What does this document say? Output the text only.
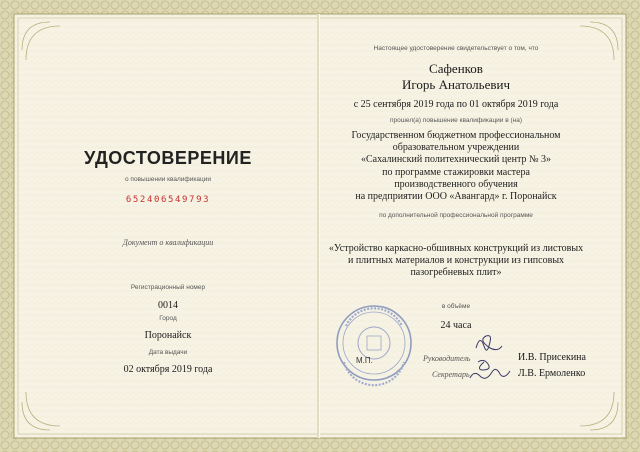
УДОСТОВЕРЕНИЕ
о повышении квалификации
652406549793
Документ о квалификации
Регистрационный номер
0014
Город
Поронайск
Дата выдачи
02 октября 2019 года
Настоящее удостоверение свидетельствует о том, что
Сафенков
Игорь Анатольевич
с 25 сентября 2019 года по 01 октября 2019 года
прошел(а) повышение квалификации в (на)
Государственном бюджетном профессиональном
образовательном учреждении
«Сахалинский политехнический центр № 3»
по программе стажировки мастера
производственного обучения
на предприятии ООО «Авангард» г. Поронайск
по дополнительной профессиональной программе
«Устройство каркасно-обшивных конструкций из листовых
и плитных материалов и конструкции из гипсовых
пазогребневых плит»
в объёме
24 часа
М.П.	Руководитель	И.В. Присекина
Секретарь	Л.В. Ермоленко
